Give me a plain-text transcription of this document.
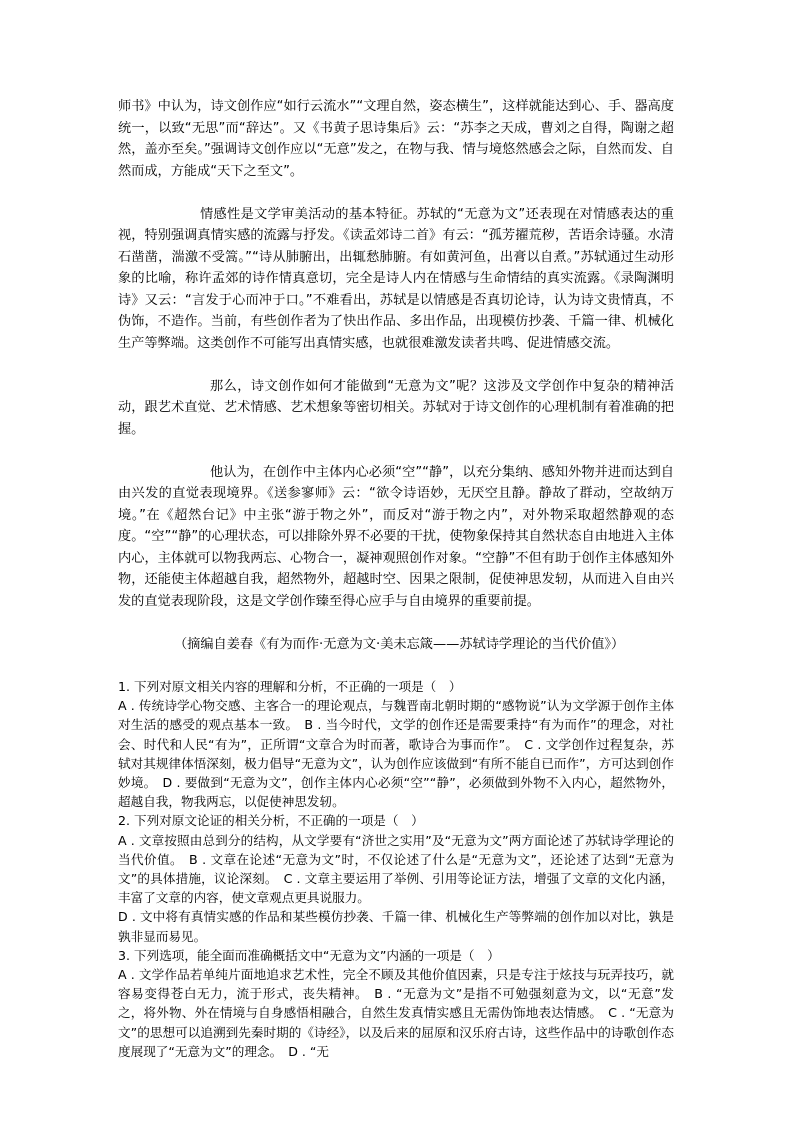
师书》中认为，诗文创作应“如行云流水”“文理自然，姿态横生”，这样就能达到心、手、器高度统一，以致“无思”而“辞达”。又《书黄子思诗集后》云：“苏李之天成，曹刘之自得，陶谢之超然，盖亦至矣。”强调诗文创作应以“无意”发之，在物与我、情与境悠然感会之际，自然而发、自然而成，方能成“天下之至文”。

情感性是文学审美活动的基本特征。苏轼的“无意为文”还表现在对情感表达的重视，特别强调真情实感的流露与抒发。《读孟郊诗二首》有云：“孤芳擢荒秽，苦语余诗骚。水清石凿凿，湍激不受篙。”“诗从肺腑出，出辄愁肺腑。有如黄河鱼，出膏以自煮。”苏轼通过生动形象的比喻，称许孟郊的诗作情真意切，完全是诗人内在情感与生命情结的真实流露。《录陶渊明诗》又云：“言发于心而冲于口。”不难看出，苏轼是以情感是否真切论诗，认为诗文贵情真，不伪饰，不造作。当前，有些创作者为了快出作品、多出作品，出现模仿抄袭、千篇一律、机械化生产等弊端。这类创作不可能写出真情实感，也就很难激发读者共鸣、促进情感交流。

那么，诗文创作如何才能做到“无意为文”呢？这涉及文学创作中复杂的精神活动，跟艺术直觉、艺术情感、艺术想象等密切相关。苏轼对于诗文创作的心理机制有着准确的把握。

他认为，在创作中主体内心必须“空”“静”，以充分集纳、感知外物并进而达到自由兴发的直觉表现境界。《送参寥师》云：“欲令诗语妙，无厌空且静。静故了群动，空故纳万境。”在《超然台记》中主张“游于物之外”，而反对“游于物之内”，对外物采取超然静观的态度。“空”“静”的心理状态，可以排除外界不必要的干扰，使物象保持其自然状态自由地进入主体内心，主体就可以物我两忘、心物合一，凝神观照创作对象。“空静”不但有助于创作主体感知外物，还能使主体超越自我，超然物外，超越时空、因果之限制，促使神思发轫，从而进入自由兴发的直觉表现阶段，这是文学创作臻至得心应手与自由境界的重要前提。

（摘编自姜春《有为而作·无意为文·美未忘箴——苏轼诗学理论的当代价值》）

1. 下列对原文相关内容的理解和分析，不正确的一项是（　）

A . 传统诗学心物交感、主客合一的理论观点，与魏晋南北朝时期的“感物说”认为文学源于创作主体对生活的感受的观点基本一致。 B . 当今时代，文学的创作还是需要秉持“有为而作”的理念，对社会、时代和人民“有为”，正所谓“文章合为时而著，歌诗合为事而作”。 C . 文学创作过程复杂，苏轼对其规律体悟深刻，极力倡导“无意为文”，认为创作应该做到“有所不能自已而作”，方可达到创作妙境。 D . 要做到“无意为文”，创作主体内心必须“空”“静”，必须做到外物不入内心，超然物外，超越自我，物我两忘，以促使神思发轫。

2. 下列对原文论证的相关分析，不正确的一项是（　）

A . 文章按照由总到分的结构，从文学要有“济世之实用”及“无意为文”两方面论述了苏轼诗学理论的当代价值。 B . 文章在论述“无意为文”时，不仅论述了什么是“无意为文”，还论述了达到“无意为文”的具体措施，议论深刻。 C . 文章主要运用了举例、引用等论证方法，增强了文章的文化内涵，丰富了文章的内容，使文章观点更具说服力。

D . 文中将有真情实感的作品和某些模仿抄袭、千篇一律、机械化生产等弊端的创作加以对比，孰是孰非显而易见。

3. 下列选项，能全面而准确概括文中“无意为文”内涵的一项是（　）

A . 文学作品若单纯片面地追求艺术性，完全不顾及其他价值因素，只是专注于炫技与玩弄技巧，就容易变得苍白无力，流于形式，丧失精神。 B . “无意为文”是指不可勉强刻意为文，以“无意”发之，将外物、外在情境与自身感悟相融合，自然生发真情实感且无需伪饰地表达情感。 C . “无意为文”的思想可以追溯到先秦时期的《诗经》，以及后来的屈原和汉乐府古诗，这些作品中的诗歌创作态度展现了“无意为文”的理念。 D . “无
